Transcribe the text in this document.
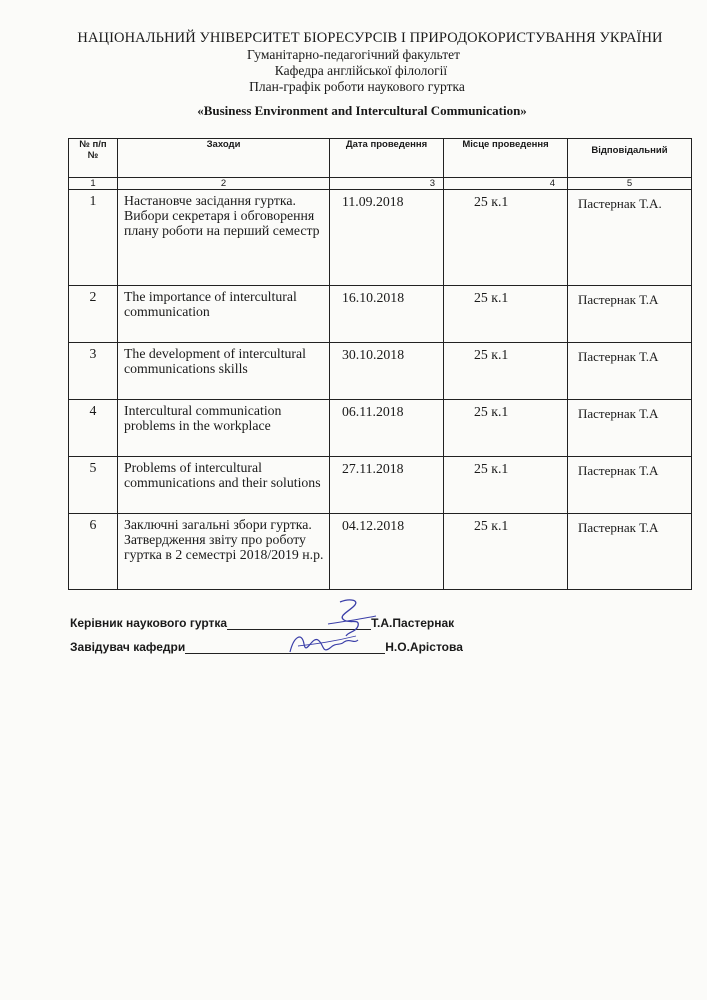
НАЦІОНАЛЬНИЙ УНІВЕРСИТЕТ БІОРЕСУРСІВ І ПРИРОДОКОРИСТУВАННЯ УКРАЇНИ
Гуманітарно-педагогічний факультет
Кафедра англійської філології
План-графік роботи наукового гуртка
«Business Environment and Intercultural Communication»
№ п/п
№	Заходи	Дата проведення	Місце проведення	Відповідальний
1	2	3	4	5
1	Настановче засідання гуртка. Вибори секретаря і обговорення плану роботи на перший семестр	11.09.2018	25 к.1	Пастернак Т.А.
2	The importance of intercultural communication	16.10.2018	25 к.1	Пастернак Т.А
3	The development of intercultural communications skills	30.10.2018	25 к.1	Пастернак Т.А
4	Intercultural communication problems in the workplace	06.11.2018	25 к.1	Пастернак Т.А
5	Problems of intercultural communications and their solutions	27.11.2018	25 к.1	Пастернак Т.А
6	Заключні загальні збори гуртка. Затвердження звіту про роботу гуртка в 2 семестрі 2018/2019 н.р.	04.12.2018	25 к.1	Пастернак Т.А
Керівник наукового гуртка	Т.А.Пастернак
Завідувач кафедри	Н.О.Арістова
